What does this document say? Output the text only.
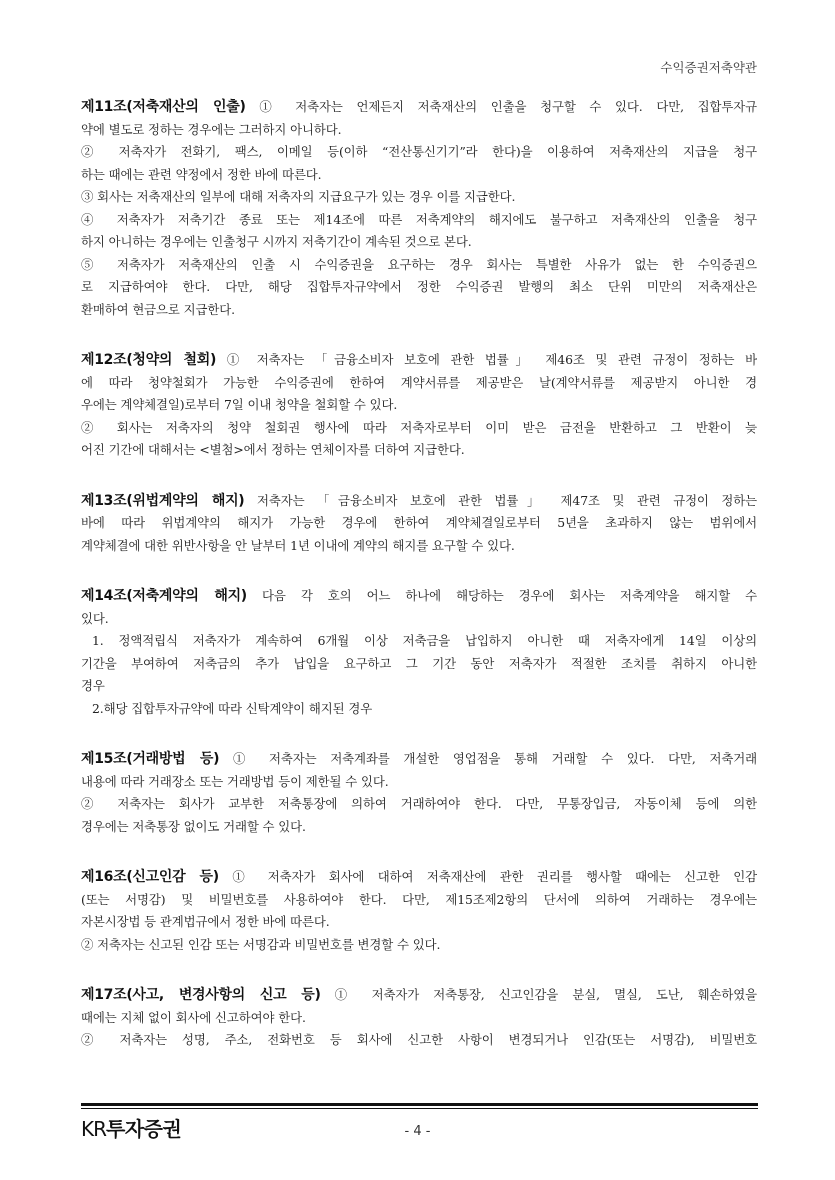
수익증권저축약관
제11조(저축재산의 인출) ① 저축자는 언제든지 저축재산의 인출을 청구할 수 있다. 다만, 집합투자규
약에 별도로 정하는 경우에는 그러하지 아니하다.
② 저축자가 전화기, 팩스, 이메일 등(이하 “전산통신기기”라 한다)을 이용하여 저축재산의 지급을 청구
하는 때에는 관련 약정에서 정한 바에 따른다.
③ 회사는 저축재산의 일부에 대해 저축자의 지급요구가 있는 경우 이를 지급한다.
④ 저축자가 저축기간 종료 또는 제14조에 따른 저축계약의 해지에도 불구하고 저축재산의 인출을 청구
하지 아니하는 경우에는 인출청구 시까지 저축기간이 계속된 것으로 본다.
⑤ 저축자가 저축재산의 인출 시 수익증권을 요구하는 경우 회사는 특별한 사유가 없는 한 수익증권으
로 지급하여야 한다. 다만, 해당 집합투자규약에서 정한 수익증권 발행의 최소 단위 미만의 저축재산은
환매하여 현금으로 지급한다.
제12조(청약의 철회) ① 저축자는 「금융소비자 보호에 관한 법률」 제46조 및 관련 규정이 정하는 바
에 따라 청약철회가 가능한 수익증권에 한하여 계약서류를 제공받은 날(계약서류를 제공받지 아니한 경
우에는 계약체결일)로부터 7일 이내 청약을 철회할 수 있다.
② 회사는 저축자의 청약 철회권 행사에 따라 저축자로부터 이미 받은 금전을 반환하고 그 반환이 늦
어진 기간에 대해서는 <별첨>에서 정하는 연체이자를 더하여 지급한다.
제13조(위법계약의 해지) 저축자는 「금융소비자 보호에 관한 법률」 제47조 및 관련 규정이 정하는
바에 따라 위법계약의 해지가 가능한 경우에 한하여 계약체결일로부터 5년을 초과하지 않는 범위에서
계약체결에 대한 위반사항을 안 날부터 1년 이내에 계약의 해지를 요구할 수 있다.
제14조(저축계약의 해지) 다음 각 호의 어느 하나에 해당하는 경우에 회사는 저축계약을 해지할 수
있다.
1. 정액적립식 저축자가 계속하여 6개월 이상 저축금을 납입하지 아니한 때 저축자에게 14일 이상의
기간을 부여하여 저축금의 추가 납입을 요구하고 그 기간 동안 저축자가 적절한 조치를 취하지 아니한
경우
2.해당 집합투자규약에 따라 신탁계약이 해지된 경우
제15조(거래방법 등) ① 저축자는 저축계좌를 개설한 영업점을 통해 거래할 수 있다. 다만, 저축거래
내용에 따라 거래장소 또는 거래방법 등이 제한될 수 있다.
② 저축자는 회사가 교부한 저축통장에 의하여 거래하여야 한다. 다만, 무통장입금, 자동이체 등에 의한
경우에는 저축통장 없이도 거래할 수 있다.
제16조(신고인감 등) ① 저축자가 회사에 대하여 저축재산에 관한 권리를 행사할 때에는 신고한 인감
(또는 서명감) 및 비밀번호를 사용하여야 한다. 다만, 제15조제2항의 단서에 의하여 거래하는 경우에는
자본시장법 등 관계법규에서 정한 바에 따른다.
② 저축자는 신고된 인감 또는 서명감과 비밀번호를 변경할 수 있다.
제17조(사고, 변경사항의 신고 등) ① 저축자가 저축통장, 신고인감을 분실, 멸실, 도난, 훼손하였을
때에는 지체 없이 회사에 신고하여야 한다.
② 저축자는 성명, 주소, 전화번호 등 회사에 신고한 사항이 변경되거나 인감(또는 서명감), 비밀번호
KR투자증권	- 4 -
